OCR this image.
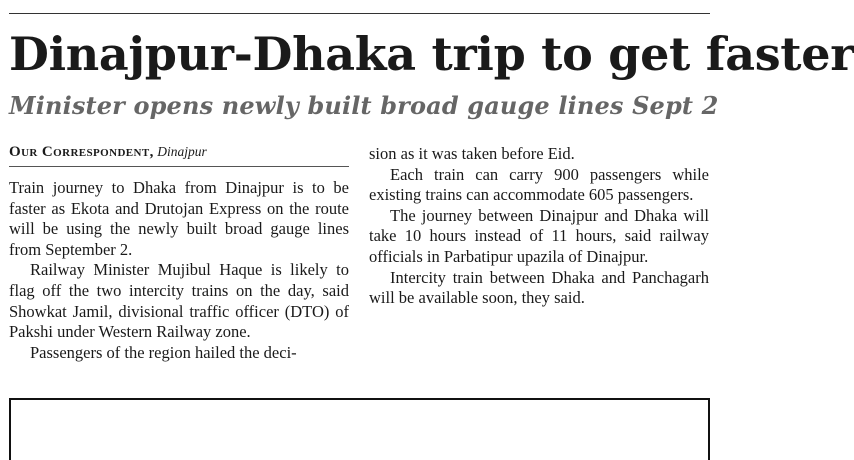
Dinajpur-Dhaka trip to get faster
Minister opens newly built broad gauge lines Sept 2
Our Correspondent, Dinajpur

Train journey to Dhaka from Dinajpur is to be faster as Ekota and Drutojan Express on the route will be using the newly built broad gauge lines from September 2.

Railway Minister Mujibul Haque is likely to flag off the two intercity trains on the day, said Showkat Jamil, divisional traffic officer (DTO) of Pakshi under Western Railway zone.

Passengers of the region hailed the deci-

sion as it was taken before Eid.

Each train can carry 900 passengers while existing trains can accommodate 605 passengers.

The journey between Dinajpur and Dhaka will take 10 hours instead of 11 hours, said railway officials in Parbatipur upazila of Dinajpur.

Intercity train between Dhaka and Panchagarh will be available soon, they said.
